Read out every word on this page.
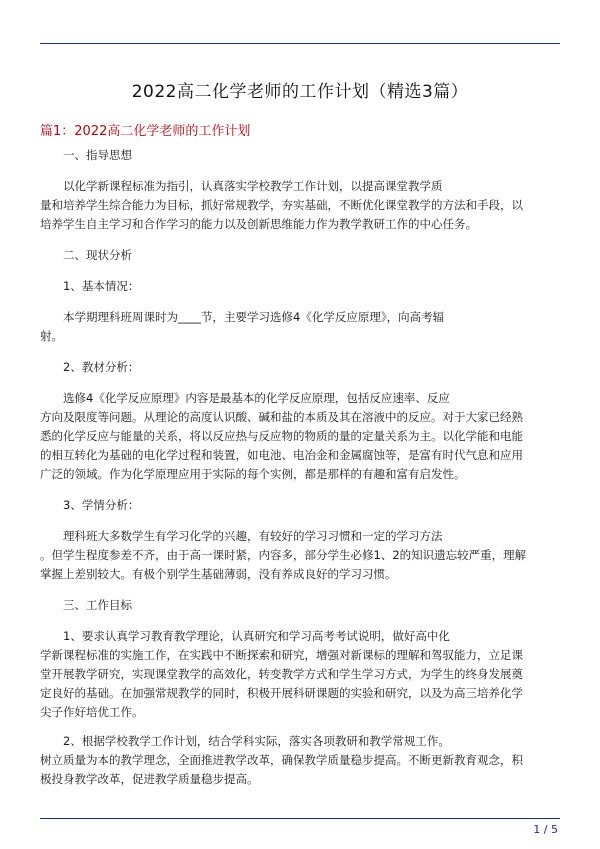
2022高二化学老师的工作计划（精选3篇）
篇1：2022高二化学老师的工作计划
一、指导思想
　　以化学新课程标准为指引，认真落实学校教学工作计划，以提高课堂教学质
量和培养学生综合能力为目标，抓好常规教学，夯实基础，不断优化课堂教学的方法和手段，以
培养学生自主学习和合作学习的能力以及创新思维能力作为教学教研工作的中心任务。
二、现状分析
1、基本情况：
　　本学期理科班周课时为____节，主要学习选修4《化学反应原理》，向高考辐
射。
2、教材分析：
　　选修4《化学反应原理》内容是最基本的化学反应原理，包括反应速率、反应
方向及限度等问题。从理论的高度认识酸、碱和盐的本质及其在溶液中的反应。对于大家已经熟
悉的化学反应与能量的关系，将以反应热与反应物的物质的量的定量关系为主。以化学能和电能
的相互转化为基础的电化学过程和装置，如电池、电冶金和金属腐蚀等，是富有时代气息和应用
广泛的领域。作为化学原理应用于实际的每个实例，都是那样的有趣和富有启发性。
3、学情分析：
　　理科班大多数学生有学习化学的兴趣，有较好的学习习惯和一定的学习方法
。但学生程度参差不齐，由于高一课时紧，内容多，部分学生必修1、2的知识遗忘较严重，理解
掌握上差别较大。有极个别学生基础薄弱，没有养成良好的学习习惯。
三、工作目标
　　1、要求认真学习教育教学理论，认真研究和学习高考考试说明，做好高中化
学新课程标准的实施工作，在实践中不断探索和研究，增强对新课标的理解和驾驭能力，立足课
堂开展教学研究，实现课堂教学的高效化，转变教学方式和学生学习方式，为学生的终身发展奠
定良好的基础。在加强常规教学的同时，积极开展科研课题的实验和研究，以及为高三培养化学
尖子作好培优工作。
　　2、根据学校教学工作计划，结合学科实际，落实各项教研和教学常规工作。
树立质量为本的教学理念，全面推进教学改革，确保教学质量稳步提高。不断更新教育观念，积
极投身教学改革，促进教学质量稳步提高。
1 / 5
